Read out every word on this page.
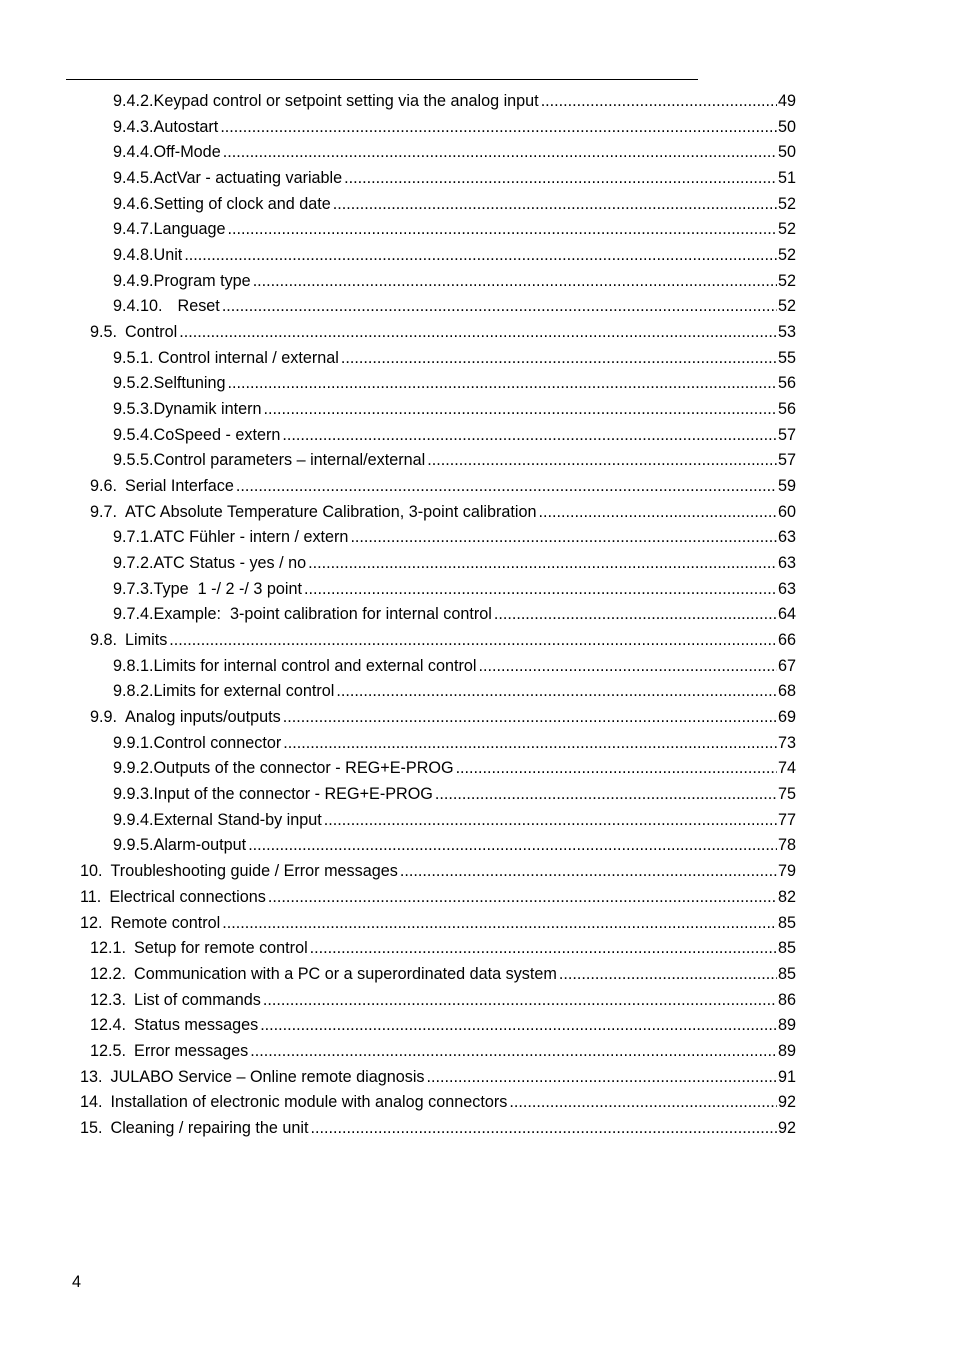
9.4.2. Keypad control or setpoint setting via the analog input .....	49
9.4.3. Autostart .....	50
9.4.4. Off-Mode .....	50
9.4.5. ActVar - actuating variable .....	51
9.4.6. Setting of clock and date .....	52
9.4.7. Language .....	52
9.4.8. Unit .....	52
9.4.9. Program type .....	52
9.4.10. Reset .....	52
9.5. Control .....	53
9.5.1. Control internal / external .....	55
9.5.2. Selftuning .....	56
9.5.3. Dynamik intern .....	56
9.5.4. CoSpeed - extern .....	57
9.5.5. Control parameters – internal/external .....	57
9.6. Serial Interface .....	59
9.7. ATC Absolute Temperature Calibration, 3-point calibration .....	60
9.7.1. ATC Fühler - intern / extern .....	63
9.7.2. ATC Status - yes / no .....	63
9.7.3. Type  1 -/ 2 -/ 3 point .....	63
9.7.4. Example:  3-point calibration for internal control .....	64
9.8. Limits .....	66
9.8.1. Limits for internal control and external control .....	67
9.8.2. Limits for external control .....	68
9.9. Analog inputs/outputs .....	69
9.9.1. Control connector .....	73
9.9.2. Outputs of the connector - REG+E-PROG .....	74
9.9.3. Input of the connector - REG+E-PROG .....	75
9.9.4. External Stand-by input .....	77
9.9.5. Alarm-output .....	78
10. Troubleshooting guide / Error messages .....	79
11. Electrical connections .....	82
12. Remote control .....	85
12.1. Setup for remote control .....	85
12.2. Communication with a PC or a superordinated data system .....	85
12.3. List of commands .....	86
12.4. Status messages .....	89
12.5. Error messages .....	89
13. JULABO Service – Online remote diagnosis .....	91
14. Installation of electronic module with analog connectors .....	92
15. Cleaning / repairing the unit .....	92
4
